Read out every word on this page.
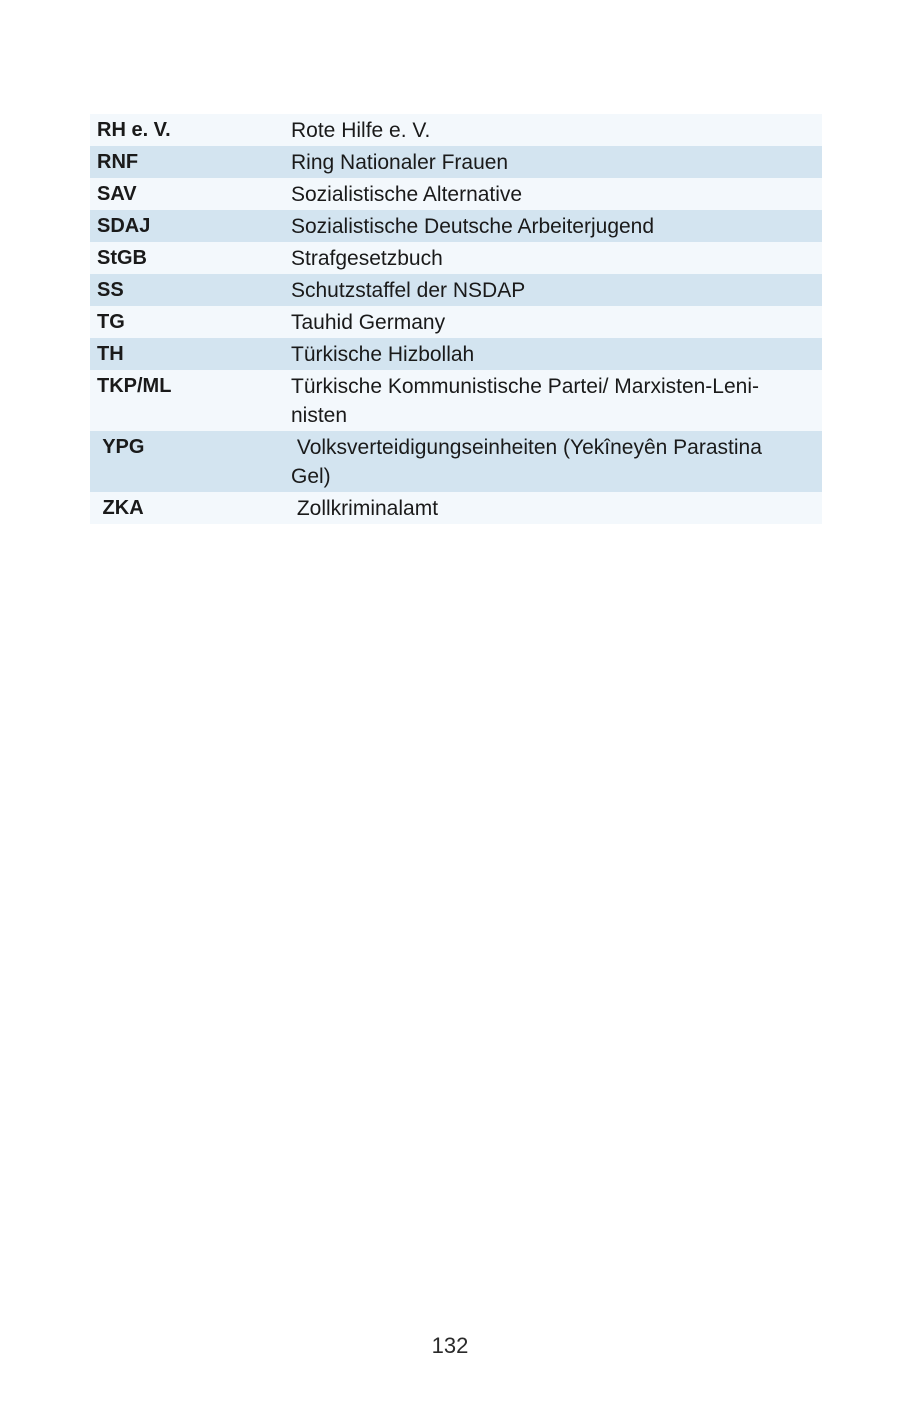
RH e. V.	Rote Hilfe e. V.
RNF	Ring Nationaler Frauen
SAV	Sozialistische Alternative
SDAJ	Sozialistische Deutsche Arbeiterjugend
StGB	Strafgesetzbuch
SS	Schutzstaffel der NSDAP
TG	Tauhid Germany
TH	Türkische Hizbollah
TKP/ML	Türkische Kommunistische Partei/ Marxisten-Leni-nisten
YPG	Volksverteidigungseinheiten (Yekîneyên Parastina Gel)
ZKA	Zollkriminalamt
132
